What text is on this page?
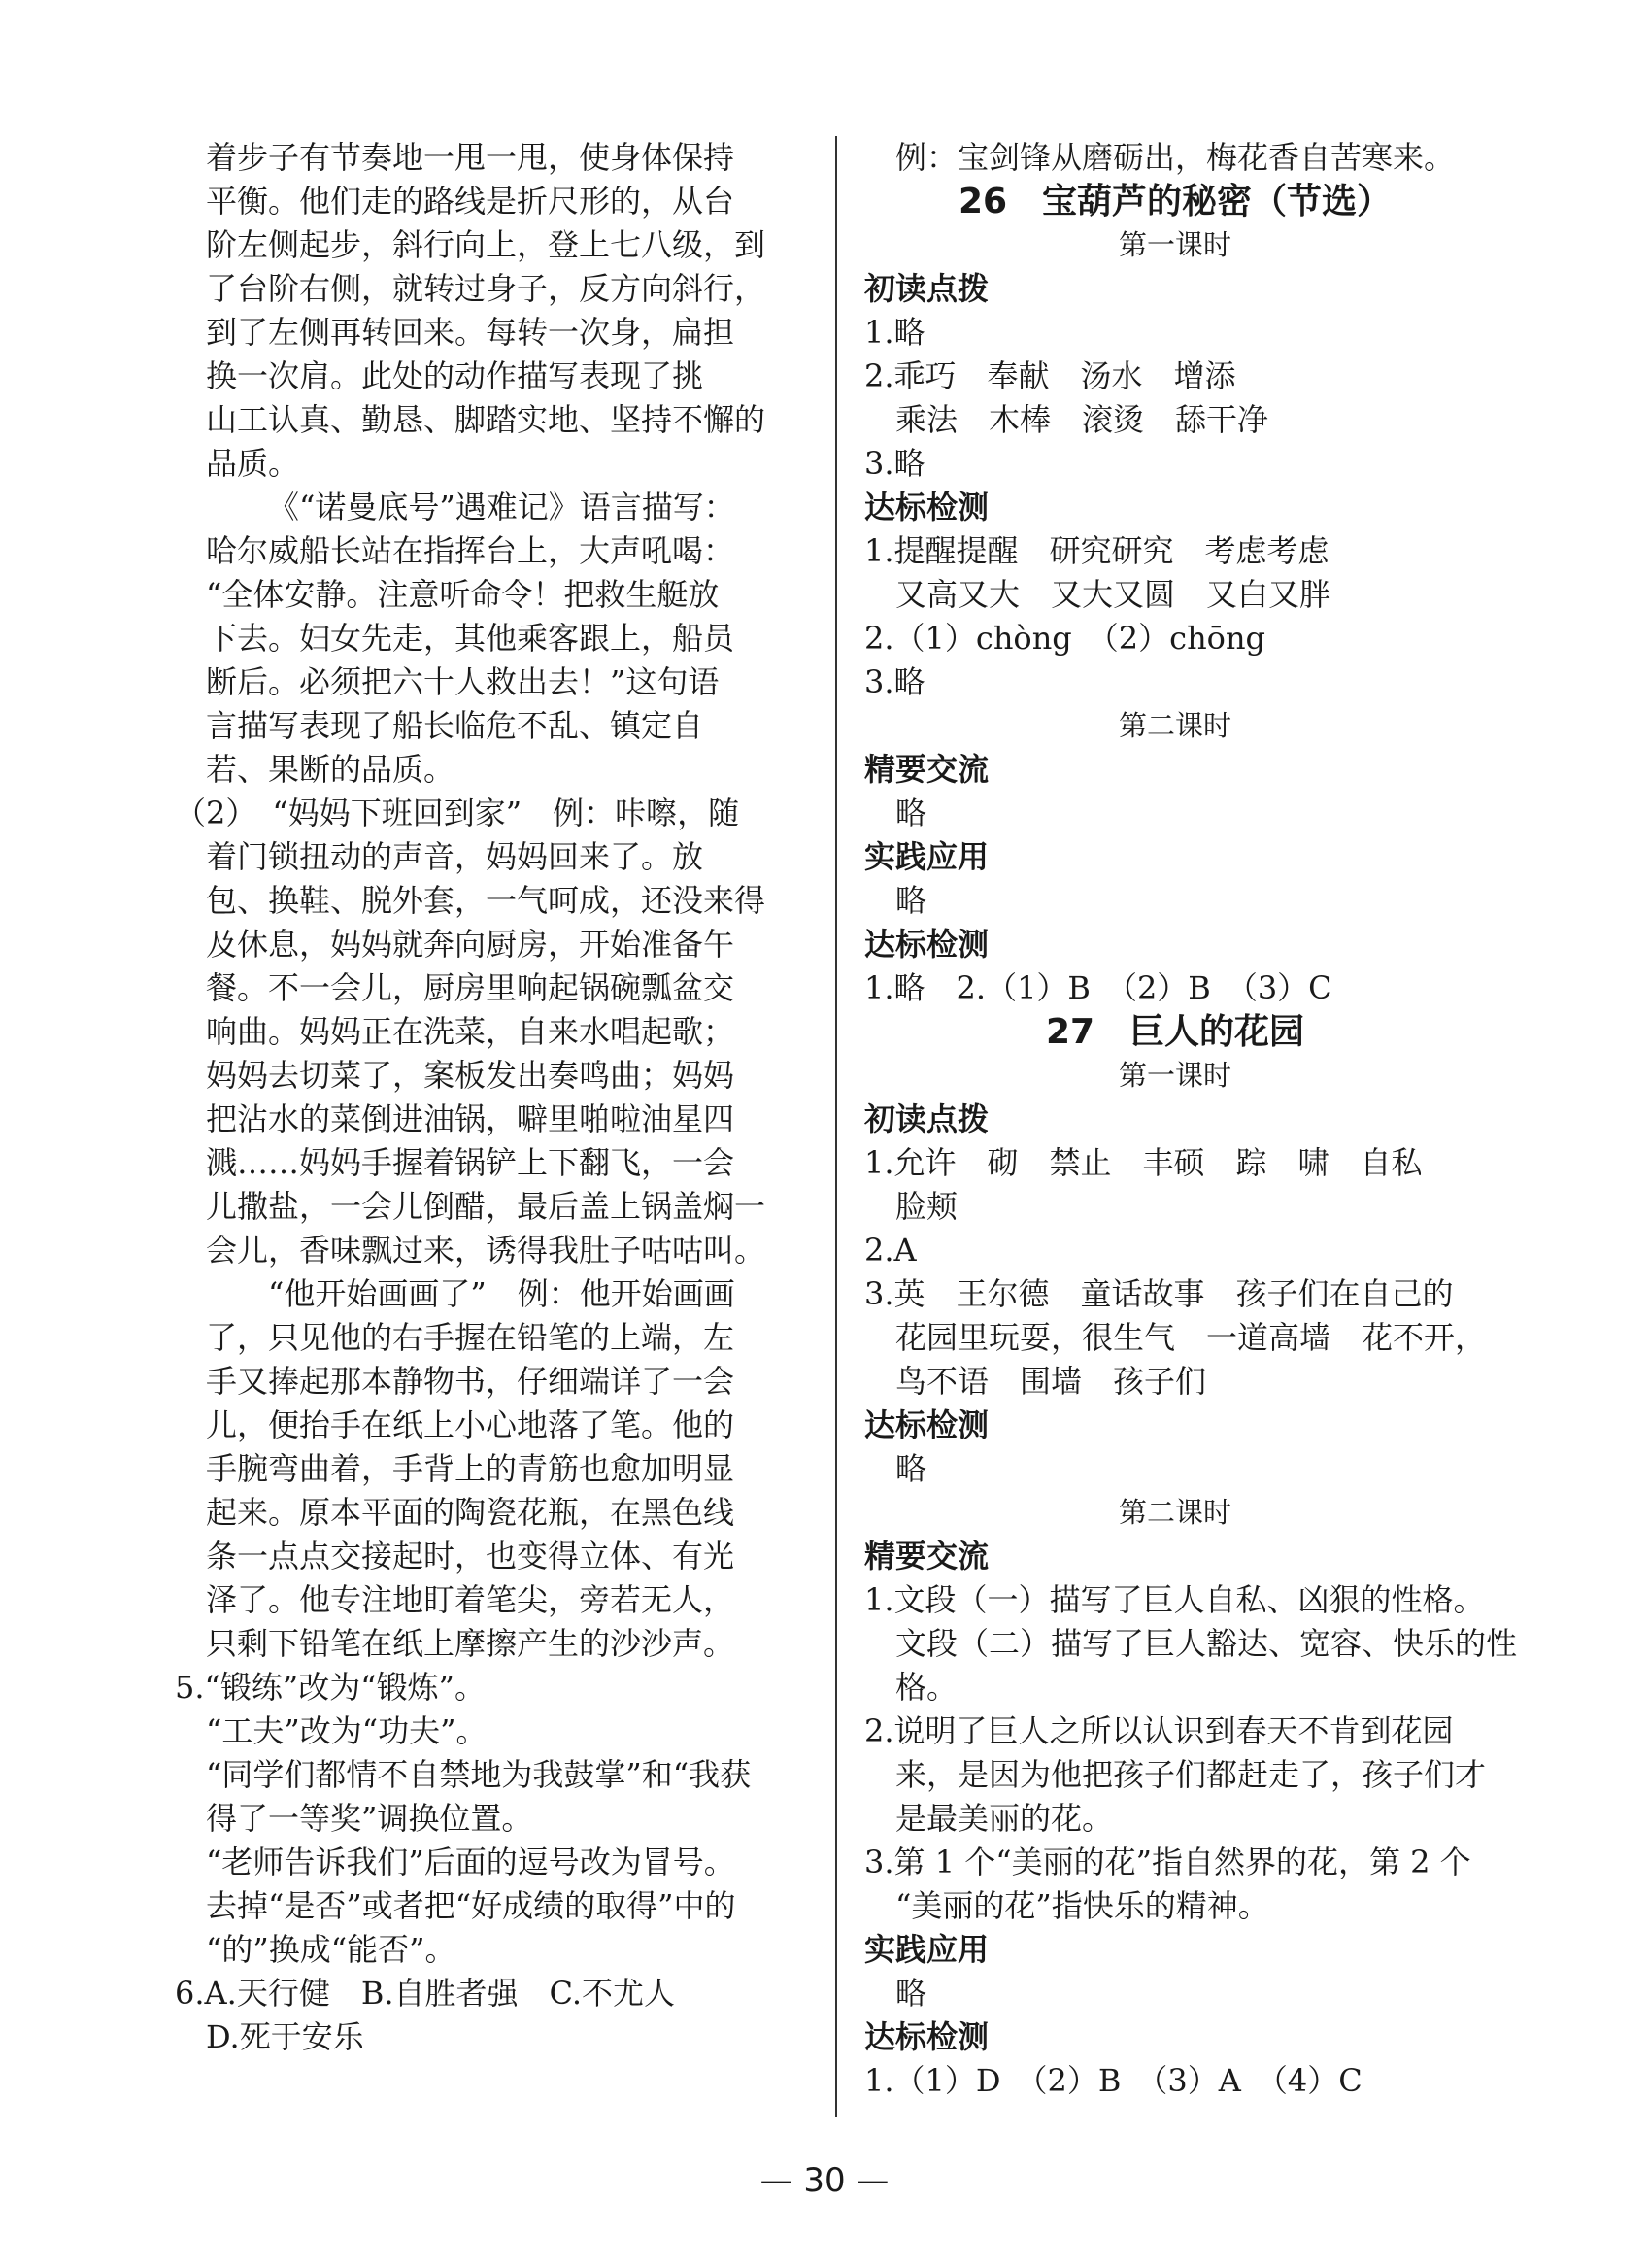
着步子有节奏地一甩一甩，使身体保持
平衡。他们走的路线是折尺形的，从台
阶左侧起步，斜行向上，登上七八级，到
了台阶右侧，就转过身子，反方向斜行，
到了左侧再转回来。每转一次身，扁担
换一次肩。此处的动作描写表现了挑
山工认真、勤恳、脚踏实地、坚持不懈的
品质。
《“诺曼底号”遇难记》语言描写：
哈尔威船长站在指挥台上，大声吼喝：
“全体安静。注意听命令！把救生艇放
下去。妇女先走，其他乘客跟上，船员
断后。必须把六十人救出去！”这句语
言描写表现了船长临危不乱、镇定自
若、果断的品质。
（2）　“妈妈下班回到家”　例：咔嚓，随
着门锁扭动的声音，妈妈回来了。放
包、换鞋、脱外套，一气呵成，还没来得
及休息，妈妈就奔向厨房，开始准备午
餐。不一会儿，厨房里响起锅碗瓢盆交
响曲。妈妈正在洗菜，自来水唱起歌；
妈妈去切菜了，案板发出奏鸣曲；妈妈
把沾水的菜倒进油锅，噼里啪啦油星四
溅……妈妈手握着锅铲上下翻飞，一会
儿撒盐，一会儿倒醋，最后盖上锅盖焖一
会儿，香味飘过来，诱得我肚子咕咕叫。
“他开始画画了”　例：他开始画画
了，只见他的右手握在铅笔的上端，左
手又捧起那本静物书，仔细端详了一会
儿，便抬手在纸上小心地落了笔。他的
手腕弯曲着，手背上的青筋也愈加明显
起来。原本平面的陶瓷花瓶，在黑色线
条一点点交接起时，也变得立体、有光
泽了。他专注地盯着笔尖，旁若无人，
只剩下铅笔在纸上摩擦产生的沙沙声。
5.“锻练”改为“锻炼”。
“工夫”改为“功夫”。
“同学们都情不自禁地为我鼓掌”和“我获
得了一等奖”调换位置。
“老师告诉我们”后面的逗号改为冒号。
去掉“是否”或者把“好成绩的取得”中的
“的”换成“能否”。
6.A.天行健　B.自胜者强　C.不尤人
D.死于安乐
例：宝剑锋从磨砺出，梅花香自苦寒来。
26　宝葫芦的秘密（节选）
第一课时
初读点拨
1.略
2.乖巧　奉献　汤水　增添
乘法　木棒　滚烫　舔干净
3.略
达标检测
1.提醒提醒　研究研究　考虑考虑
又高又大　又大又圆　又白又胖
2.（1）chòng　（2）chōng
3.略
第二课时
精要交流
略
实践应用
略
达标检测
1.略　2.（1）B　（2）B　（3）C
27　巨人的花园
第一课时
初读点拨
1.允许　砌　禁止　丰硕　踪　啸　自私
脸颊
2.A
3.英　王尔德　童话故事　孩子们在自己的
花园里玩耍，很生气　一道高墙　花不开，
鸟不语　围墙　孩子们
达标检测
略
第二课时
精要交流
1.文段（一）描写了巨人自私、凶狠的性格。
文段（二）描写了巨人豁达、宽容、快乐的性
格。
2.说明了巨人之所以认识到春天不肯到花园
来，是因为他把孩子们都赶走了，孩子们才
是最美丽的花。
3.第 1 个“美丽的花”指自然界的花，第 2 个
“美丽的花”指快乐的精神。
实践应用
略
达标检测
1.（1）D　（2）B　（3）A　（4）C
— 30 —
